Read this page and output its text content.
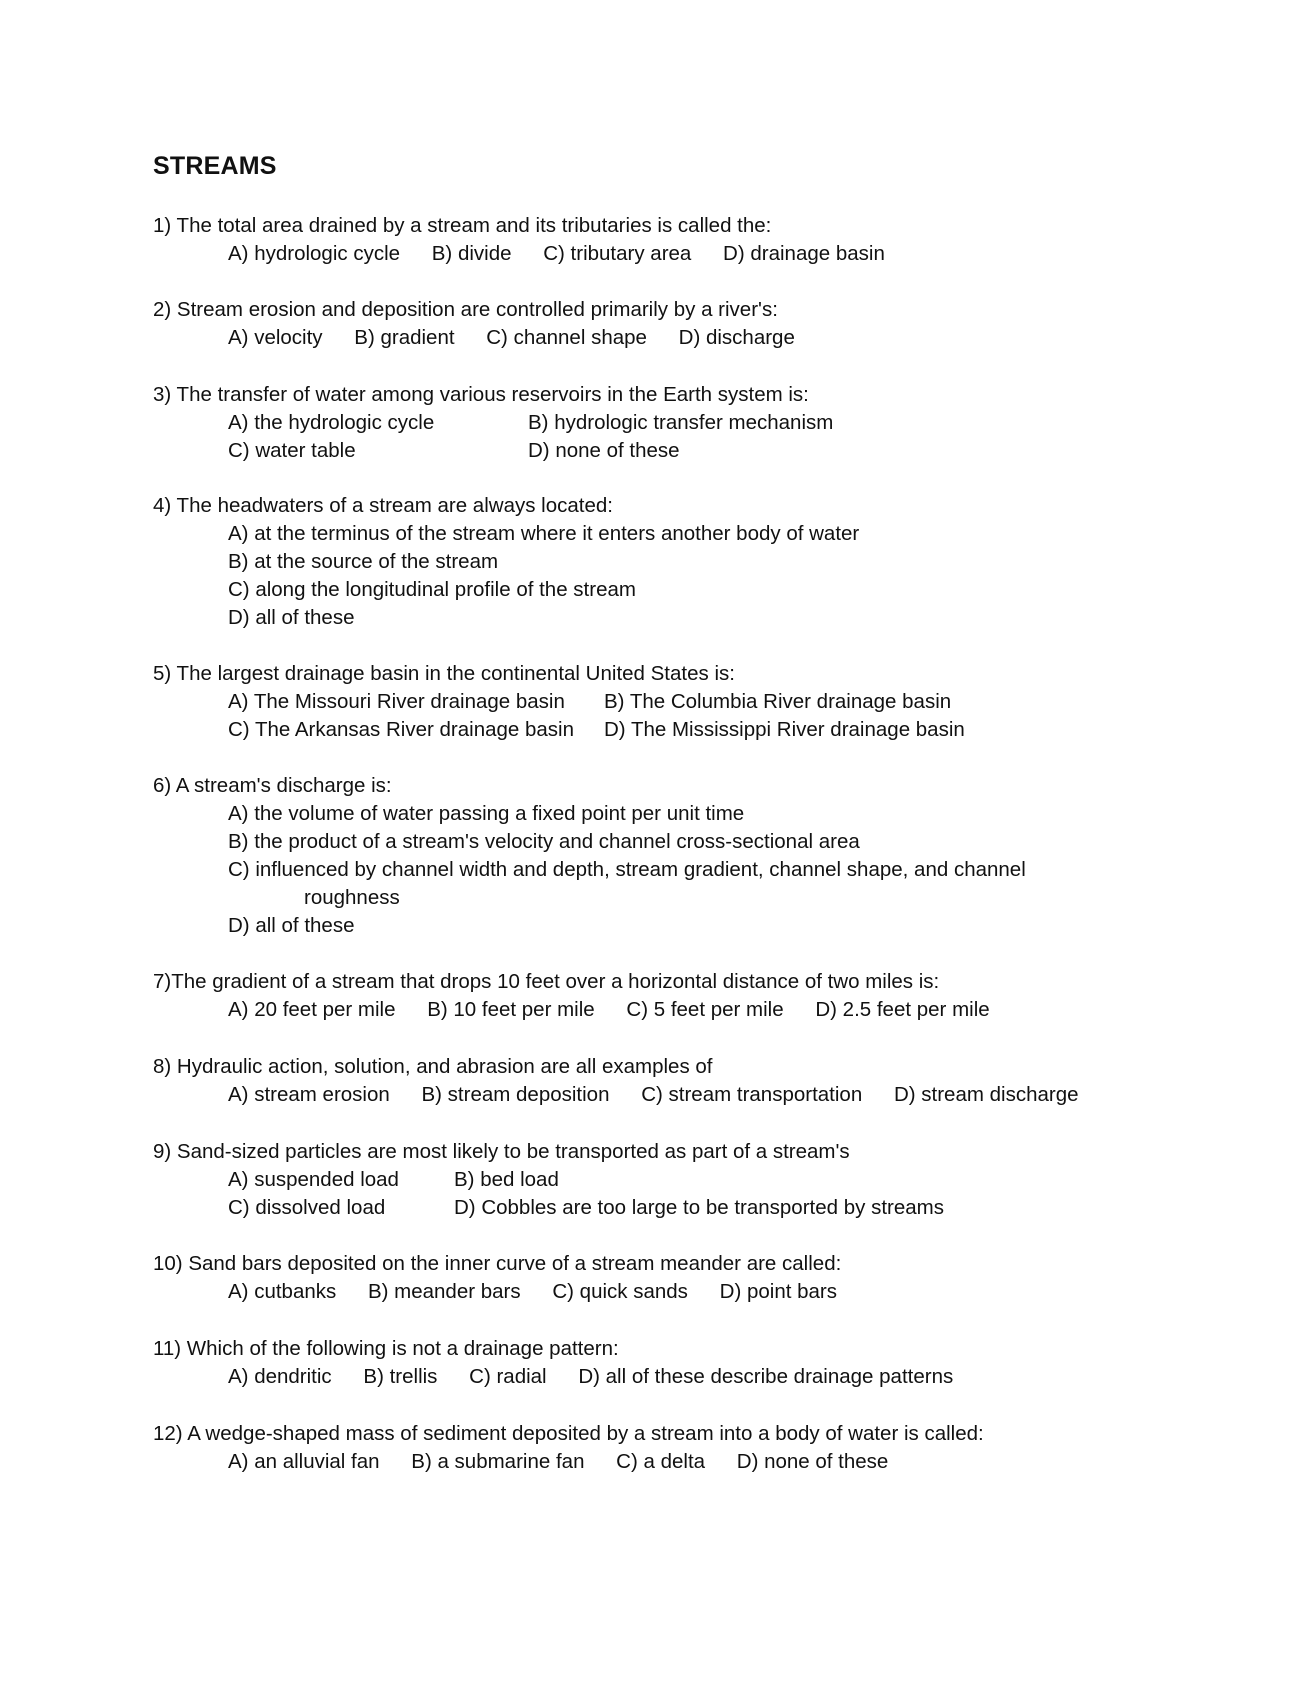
STREAMS
1) The total area drained by a stream and its tributaries is called the:
A) hydrologic cycle B) divide C) tributary area D) drainage basin
2) Stream erosion and deposition are controlled primarily by a river's:
A) velocity B) gradient C) channel shape D) discharge
3) The transfer of water among various reservoirs in the Earth system is:
A) the hydrologic cycle	B) hydrologic transfer mechanism
C) water table	D) none of these
4) The headwaters of a stream are always located:
A) at the terminus of the stream where it enters another body of water
B) at the source of the stream
C) along the longitudinal profile of the stream
D) all of these
5) The largest drainage basin in the continental United States is:
A) The Missouri River drainage basin	B) The Columbia River drainage basin
C) The Arkansas River drainage basin	D) The Mississippi River drainage basin
6) A stream's discharge is:
A) the volume of water passing a fixed point per unit time
B) the product of a stream's velocity and channel cross-sectional area
C) influenced by channel width and depth, stream gradient, channel shape, and channel
roughness
D) all of these
7)The gradient of a stream that drops 10 feet over a horizontal distance of two miles is:
A) 20 feet per mile B) 10 feet per mile C) 5 feet per mile D) 2.5 feet per mile
8) Hydraulic action, solution, and abrasion are all examples of
A) stream erosion B) stream deposition C) stream transportation D) stream discharge
9) Sand-sized particles are most likely to be transported as part of a stream's
A) suspended load	B) bed load
C) dissolved load	D) Cobbles are too large to be transported by streams
10) Sand bars deposited on the inner curve of a stream meander are called:
A) cutbanks B) meander bars C) quick sands D) point bars
11) Which of the following is not a drainage pattern:
A) dendritic B) trellis C) radial D) all of these describe drainage patterns
12) A wedge-shaped mass of sediment deposited by a stream into a body of water is called:
A) an alluvial fan B) a submarine fan C) a delta D) none of these
